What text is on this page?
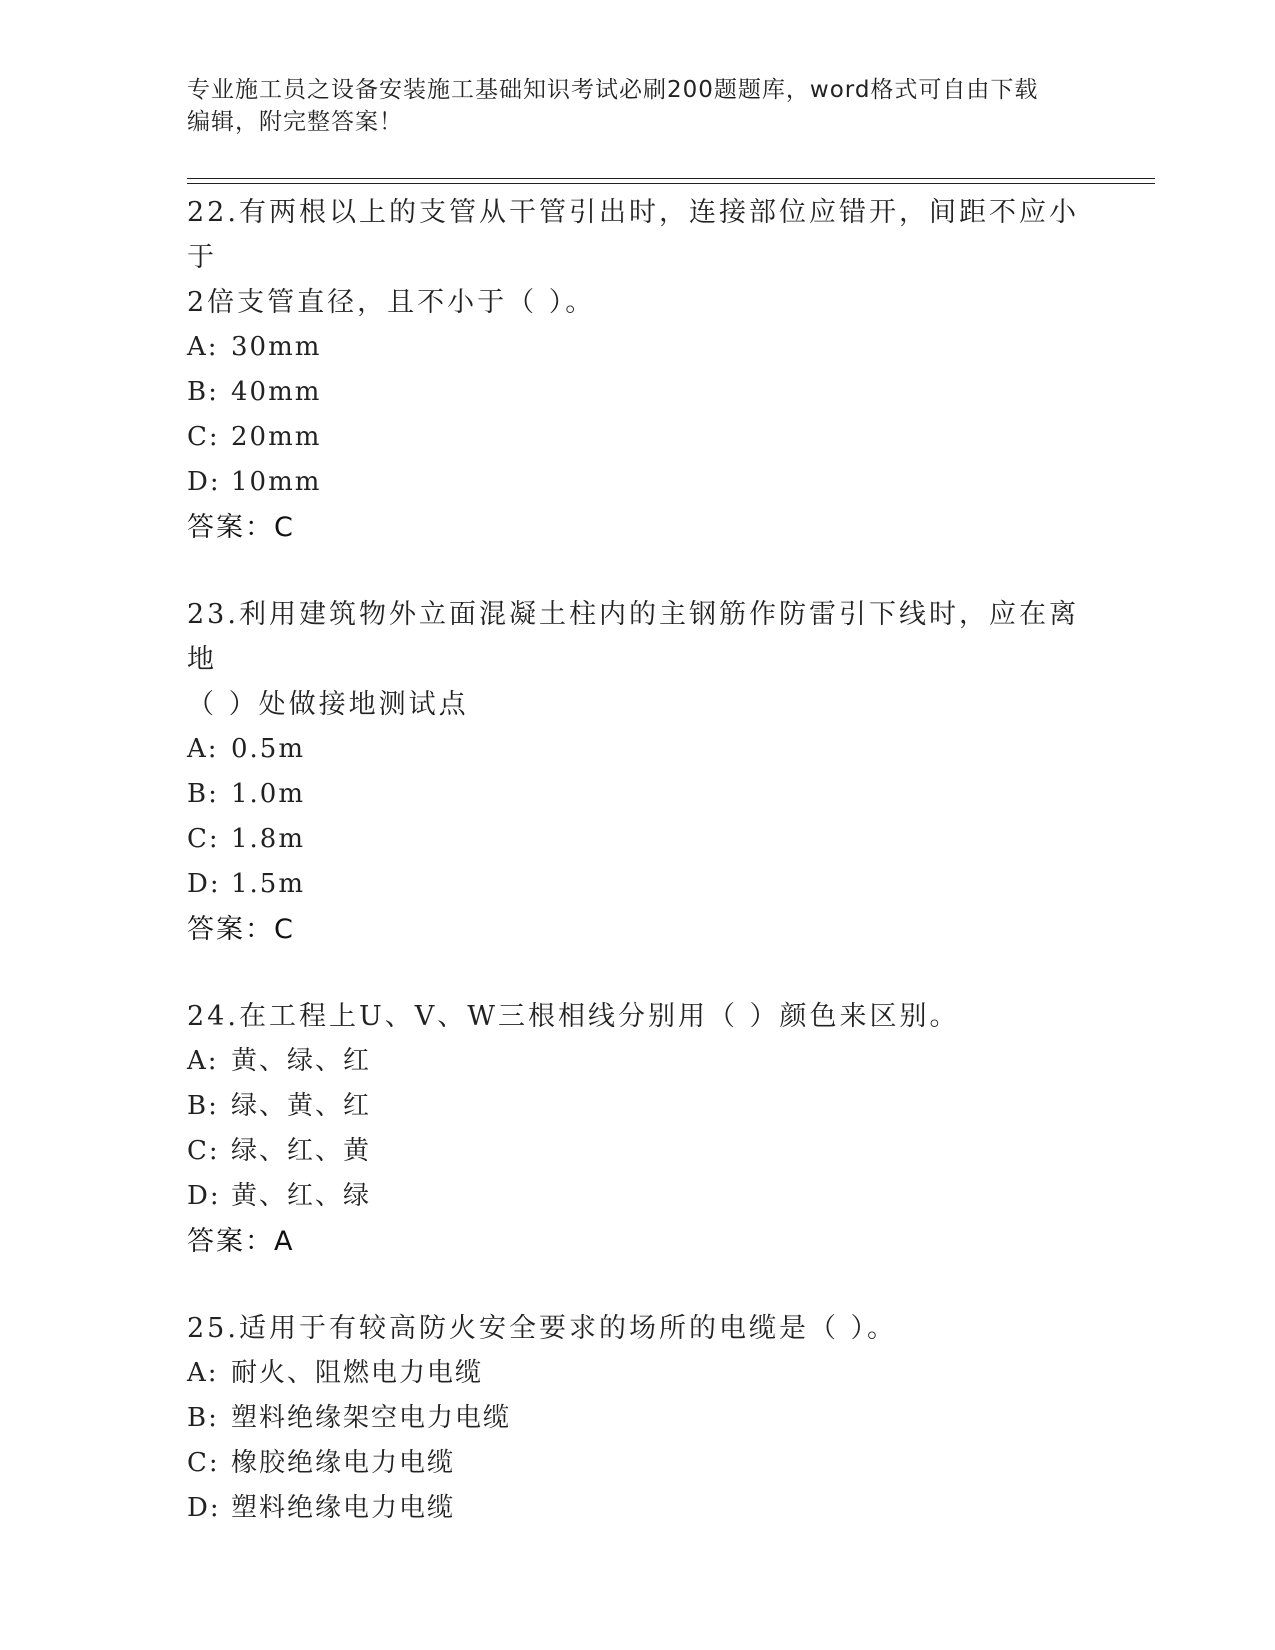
专业施工员之设备安装施工基础知识考试必刷200题题库，word格式可自由下载
编辑，附完整答案！
22.有两根以上的支管从干管引出时，连接部位应错开，间距不应小于
2倍支管直径，且不小于（ ）。
A: 30mm
B: 40mm
C: 20mm
D: 10mm
答案：C
23.利用建筑物外立面混凝土柱内的主钢筋作防雷引下线时，应在离地
（ ）处做接地测试点
A: 0.5m
B: 1.0m
C: 1.8m
D: 1.5m
答案：C
24.在工程上U、V、W三根相线分别用（ ）颜色来区别。
A: 黄、绿、红
B: 绿、黄、红
C: 绿、红、黄
D: 黄、红、绿
答案：A
25.适用于有较高防火安全要求的场所的电缆是（ ）。
A: 耐火、阻燃电力电缆
B: 塑料绝缘架空电力电缆
C: 橡胶绝缘电力电缆
D: 塑料绝缘电力电缆
